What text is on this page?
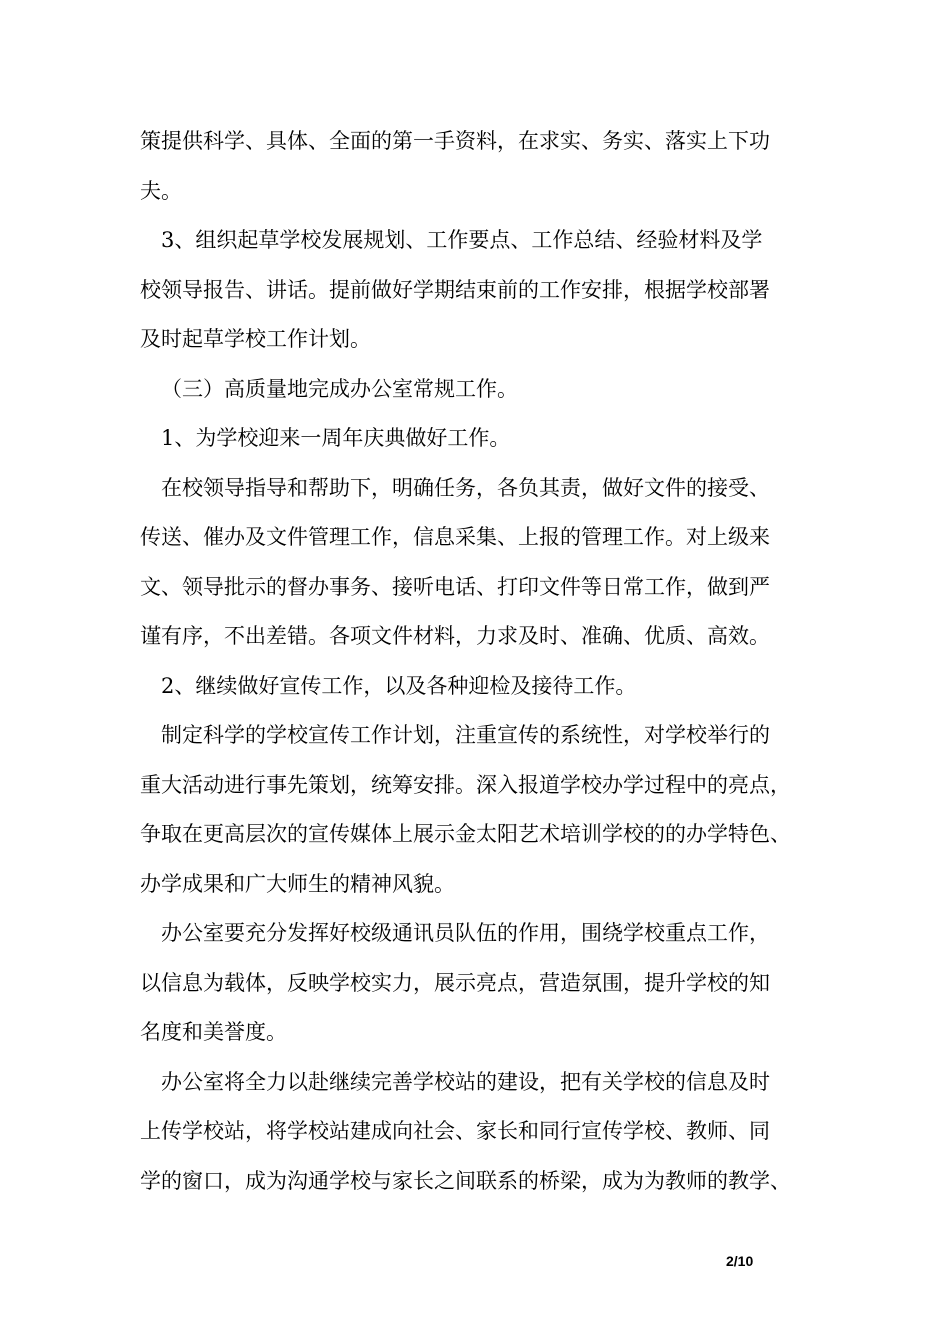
策提供科学、具体、全面的第一手资料，在求实、务实、落实上下功
夫。
3、组织起草学校发展规划、工作要点、工作总结、经验材料及学
校领导报告、讲话。提前做好学期结束前的工作安排，根据学校部署
及时起草学校工作计划。
（三）高质量地完成办公室常规工作。
1、为学校迎来一周年庆典做好工作。
在校领导指导和帮助下，明确任务，各负其责，做好文件的接受、
传送、催办及文件管理工作，信息采集、上报的管理工作。对上级来
文、领导批示的督办事务、接听电话、打印文件等日常工作，做到严
谨有序，不出差错。各项文件材料，力求及时、准确、优质、高效。
2、继续做好宣传工作，以及各种迎检及接待工作。
制定科学的学校宣传工作计划，注重宣传的系统性，对学校举行的
重大活动进行事先策划，统筹安排。深入报道学校办学过程中的亮点，
争取在更高层次的宣传媒体上展示金太阳艺术培训学校的的办学特色、
办学成果和广大师生的精神风貌。
办公室要充分发挥好校级通讯员队伍的作用，围绕学校重点工作，
以信息为载体，反映学校实力，展示亮点，营造氛围，提升学校的知
名度和美誉度。
办公室将全力以赴继续完善学校站的建设，把有关学校的信息及时
上传学校站，将学校站建成向社会、家长和同行宣传学校、教师、同
学的窗口，成为沟通学校与家长之间联系的桥梁，成为为教师的教学、
2/10
